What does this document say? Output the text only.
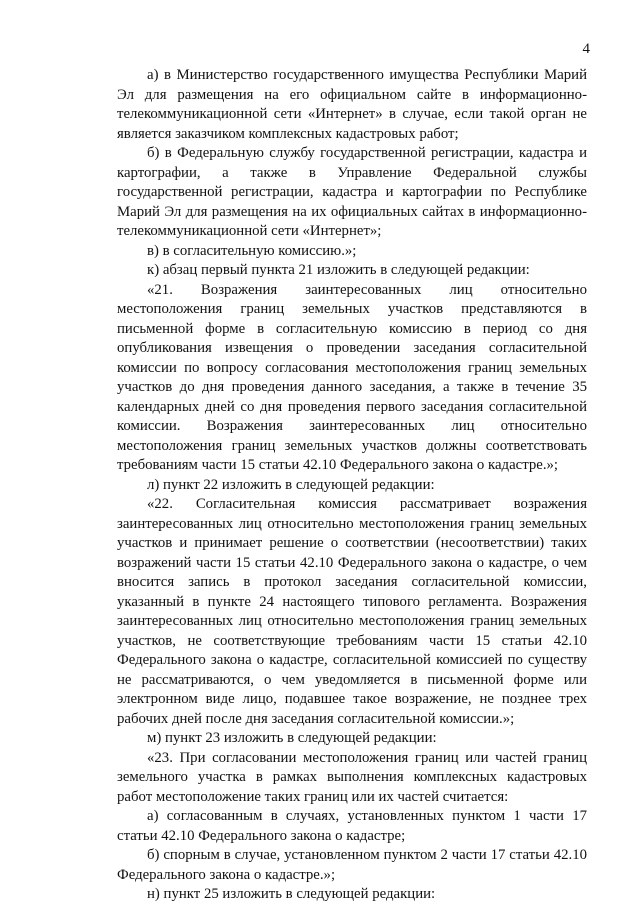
4

а) в Министерство государственного имущества Республики Марий Эл для размещения на его официальном сайте в информационно-телекоммуникационной сети «Интернет» в случае, если такой орган не является заказчиком комплексных кадастровых работ;

б) в Федеральную службу государственной регистрации, кадастра и картографии, а также в Управление Федеральной службы государственной регистрации, кадастра и картографии по Республике Марий Эл для размещения на их официальных сайтах в информационно-телекоммуникационной сети «Интернет»;

в) в согласительную комиссию.»;

к) абзац первый пункта 21 изложить в следующей редакции:

«21. Возражения заинтересованных лиц относительно местоположения границ земельных участков представляются в письменной форме в согласительную комиссию в период со дня опубликования извещения о проведении заседания согласительной комиссии по вопросу согласования местоположения границ земельных участков до дня проведения данного заседания, а также в течение 35 календарных дней со дня проведения первого заседания согласительной комиссии. Возражения заинтересованных лиц относительно местоположения границ земельных участков должны соответствовать требованиям части 15 статьи 42.10 Федерального закона о кадастре.»;

л) пункт 22 изложить в следующей редакции:

«22. Согласительная комиссия рассматривает возражения заинтересованных лиц относительно местоположения границ земельных участков и принимает решение о соответствии (несоответствии) таких возражений части 15 статьи 42.10 Федерального закона о кадастре, о чем вносится запись в протокол заседания согласительной комиссии, указанный в пункте 24 настоящего типового регламента. Возражения заинтересованных лиц относительно местоположения границ земельных участков, не соответствующие требованиям части 15 статьи 42.10 Федерального закона о кадастре, согласительной комиссией по существу не рассматриваются, о чем уведомляется в письменной форме или электронном виде лицо, подавшее такое возражение, не позднее трех рабочих дней после дня заседания согласительной комиссии.»;

м) пункт 23 изложить в следующей редакции:

«23. При согласовании местоположения границ или частей границ земельного участка в рамках выполнения комплексных кадастровых работ местоположение таких границ или их частей считается:

а) согласованным в случаях, установленных пунктом 1 части 17 статьи 42.10 Федерального закона о кадастре;

б) спорным в случае, установленном пунктом 2 части 17 статьи 42.10 Федерального закона о кадастре.»;

н) пункт 25 изложить в следующей редакции:
